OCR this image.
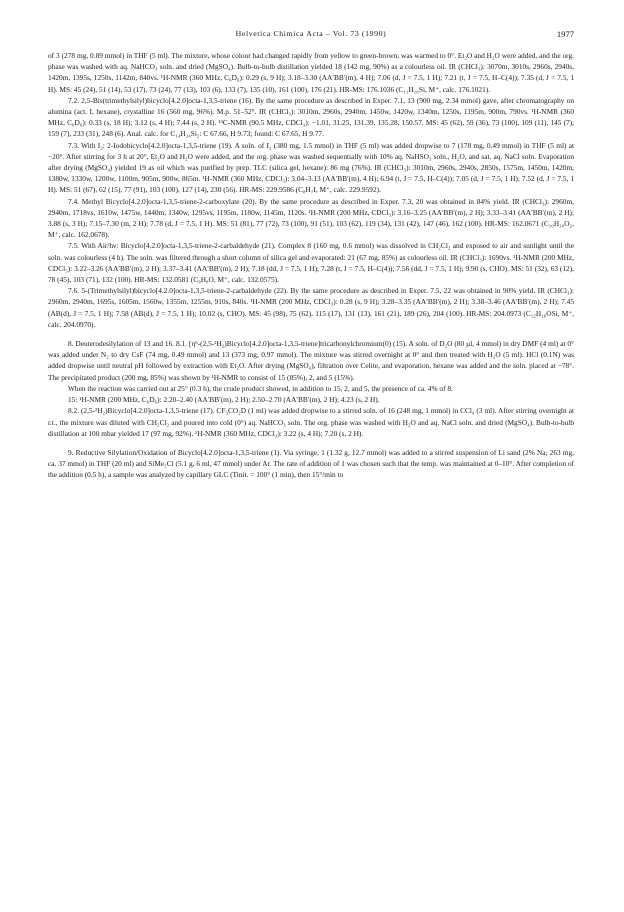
Helvetica Chimica Acta – Vol. 73 (1990)	1977

of 3 (278 mg, 0.89 mmol) in THF (5 ml). The mixture, whose colour had changed rapidly from yellow to green-brown, was warmed to 0°. Et₂O and H₂O were added, and the org. phase was washed with aq. NaHCO₃ soln. and dried (MgSO₄). Bulb-to-bulb distillation yielded 18 (142 mg, 90%) as a colourless oil. IR (CHCl₃): 3070m, 3010s, 2960s, 2940s, 1420m, 1395s, 1250s, 1142m, 840vs. ¹H-NMR (360 MHz, C₆D₆): 0.29 (s, 9 H); 3.18–3.30 (AA′BB′(m), 4 H); 7.06 (d, J = 7.5, 1 H); 7.21 (t, J = 7.5, H–C(4)); 7.35 (d, J = 7.5, 1 H). MS: 45 (24), 51 (14), 53 (17), 73 (24), 77 (13), 103 (6), 133 (7), 135 (10), 161 (100), 176 (21). HR-MS: 176.1036 (C₁₁H₁₆Si, M⁺, calc. 176.1021).

7.2. 2,5-Bis(trimethylsilyl)bicyclo[4.2.0]octa-1,3,5-triene (16). By the same procedure as described in Exper. 7.1, 13 (900 mg, 2.34 mmol) gave, after chromatography on alumina (act. I, hexane), crystalline 16 (560 mg, 96%). M.p. 51–52°. IR (CHCl₃): 3010m, 2960s, 2940m, 1450w, 1420w, 1340m, 1250s, 1195m, 900m, 790vs. ¹H-NMR (360 MHz, C₆D₆): 0.33 (s, 18 H); 3.12 (s, 4 H); 7.44 (s, 2 H). ¹³C-NMR (90.5 MHz, CDCl₃): −1.01, 31.25, 131.39, 135.28, 150.57. MS: 45 (62), 59 (36), 73 (100), 109 (11), 145 (7), 159 (7), 233 (31), 248 (6). Anal. calc. for C₁₄H₂₄Si₂: C 67.66, H 9.73; found: C 67.65, H 9.77.

7.3. With I₂: 2-Iodobicyclo[4.2.0]octa-1,3,5-triene (19). A soln. of I₂ (380 mg, 1.5 mmol) in THF (5 ml) was added dropwise to 7 (178 mg, 0.49 mmol) in THF (5 ml) at −20°. After stirring for 3 h at 20°, Et₂O and H₂O were added, and the org. phase was washed sequentially with 10% aq. NaHSO₃ soln., H₂O, and sat. aq. NaCl soln. Evaporation after drying (MgSO₄) yielded 19 as oil which was purified by prep. TLC (silica gel, hexane): 86 mg (76%). IR (CHCl₃): 3010m, 2960s, 2940s, 2850s, 1575m, 1450m, 1420m, 1380w, 1330w, 1200w, 1100m, 905m, 900w, 865m. ¹H-NMR (360 MHz, CDCl₃): 3.04–3.13 (AA′BB′(m), 4 H); 6.94 (t, J = 7.5, H–C(4)); 7.05 (d, J = 7.5, 1 H); 7.52 (d, J = 7.5, 1 H). MS: 51 (67), 62 (15), 77 (91), 103 (100), 127 (14), 230 (56). HR-MS: 229.9586 (C₈H₇I, M⁺, calc. 229.9592).

7.4. Methyl Bicyclo[4.2.0]octa-1,3,5-triene-2-carboxylate (20). By the same procedure as described in Exper. 7.3, 20 was obtained in 84% yield. IR (CHCl₃): 2960m, 2940m, 1718vs, 1610w, 1475w, 1440m, 1340w, 1295vs, 1195m, 1180w, 1145m, 1120s. ¹H-NMR (200 MHz, CDCl₃): 3.16–3.25 (AA′BB′(m), 2 H); 3.33–3.41 (AA′BB′(m), 2 H); 3.88 (s, 3 H); 7.15–7.30 (m, 2 H); 7.78 (d, J = 7.5, 1 H). MS: 51 (81), 77 (72), 73 (100), 91 (51), 103 (62), 119 (34), 131 (42), 147 (46), 162 (100). HR-MS: 162.0671 (C₁₀H₁₀O₂, M⁺, calc. 162.0678).

7.5. With Air/hν: Bicyclo[4.2.0]octa-1,3,5-triene-2-carbaldehyde (21). Complex 8 (160 mg, 0.6 mmol) was dissolved in CH₂Cl₂ and exposed to air and sunlight until the soln. was colourless (4 h). The soln. was filtered through a short column of silica gel and evaporated: 21 (67 mg, 85%) as colourless oil. IR (CHCl₃): 1690vs. ¹H-NMR (200 MHz, CDCl₃): 3.22–3.26 (AA′BB′(m), 2 H); 3.37–3.41 (AA′BB′(m), 2 H); 7.18 (dd, J = 7.5, 1 H); 7.28 (t, J = 7.5, H–C(4)); 7.56 (dd, J = 7.5, 1 H); 9.90 (s, CHO). MS: 51 (32), 63 (12), 78 (45), 103 (71), 132 (100). HR-MS: 132.0581 (C₉H₈O, M⁺, calc. 132.0575).

7.6. 5-(Trimethylsilyl)bicyclo[4.2.0]octa-1,3,5-triene-2-carbaldehyde (22). By the same procedure as described in Exper. 7.5, 22 was obtained in 90% yield. IR (CHCl₃): 2960m, 2940m, 1695s, 1605m, 1560w, 1355m, 1255m, 910s, 840s. ¹H-NMR (200 MHz, CDCl₃): 0.28 (s, 9 H); 3.28–3.35 (AA′BB′(m), 2 H); 3.38–3.46 (AA′BB′(m), 2 H); 7.45 (AB(d), J = 7.5, 1 H); 7.58 (AB(d), J = 7.5, 1 H); 10.02 (s, CHO). MS: 45 (98), 75 (62), 115 (17), 131 (13), 161 (21), 189 (26), 204 (100). HR-MS: 204.0973 (C₁₂H₁₆OSi, M⁺, calc. 204.0970).

8. Deuterodesilylation of 13 and 16. 8.1. [η⁶-(2,5-²H₂)Bicyclo[4.2.0]octa-1,3,5-triene]tricarbonylchromium(0) (15). A soln. of D₂O (80 µl, 4 mmol) in dry DMF (4 ml) at 0° was added under N₂ to dry CsF (74 mg, 0.49 mmol) and 13 (373 mg, 0.97 mmol). The mixture was stirred overnight at 0° and then treated with H₂O (5 ml). HCl (0.1N) was added dropwise until neutral pH followed by extraction with Et₂O. After drying (MgSO₄), filtration over Celite, and evaporation, hexane was added and the soln. placed at −78°. The precipitated product (200 mg, 85%) was shown by ¹H-NMR to consist of 15 (85%), 2, and 5 (15%).

When the reaction was carried out at 25° (0.3 h), the crude product showed, in addition to 15, 2, and 5, the presence of ca. 4% of 8.

15: ¹H-NMR (200 MHz, C₆D₆): 2.20–2.40 (AA′BB′(m), 2 H); 2.50–2.70 (AA′BB′(m), 2 H); 4.23 (s, 2 H).

8.2. (2,5-²H₂)Bicyclo[4.2.0]octa-1,3,5-triene (17). CF₃CO₂D (1 ml) was added dropwise to a stirred soln. of 16 (248 mg, 1 mmol) in CCl₄ (3 ml). After stirring overnight at r.t., the mixture was diluted with CH₂Cl₂ and poured into cold (0°) aq. NaHCO₃ soln. The org. phase was washed with H₂O and aq. NaCl soln. and dried (MgSO₄). Bulb-to-bulb distillation at 100 mbar yielded 17 (97 mg, 92%). ¹H-NMR (360 MHz, CDCl₃): 3.22 (s, 4 H); 7.20 (s, 2 H).

9. Reductive Silylation/Oxidation of Bicyclo[4.2.0]octa-1,3,5-triene (1). Via syringe, 1 (1.32 g, 12.7 mmol) was added to a stirred suspension of Li sand (2% Na; 263 mg, ca. 37 mmol) in THF (20 ml) and SiMe₃Cl (5.1 g, 6 ml, 47 mmol) under Ar. The rate of addition of 1 was chosen such that the temp. was maintained at 0–10°. After completion of the addition (0.5 h), a sample was analyzed by capillary GLC (Tinit. = 100° (1 min), then 15°/min to
